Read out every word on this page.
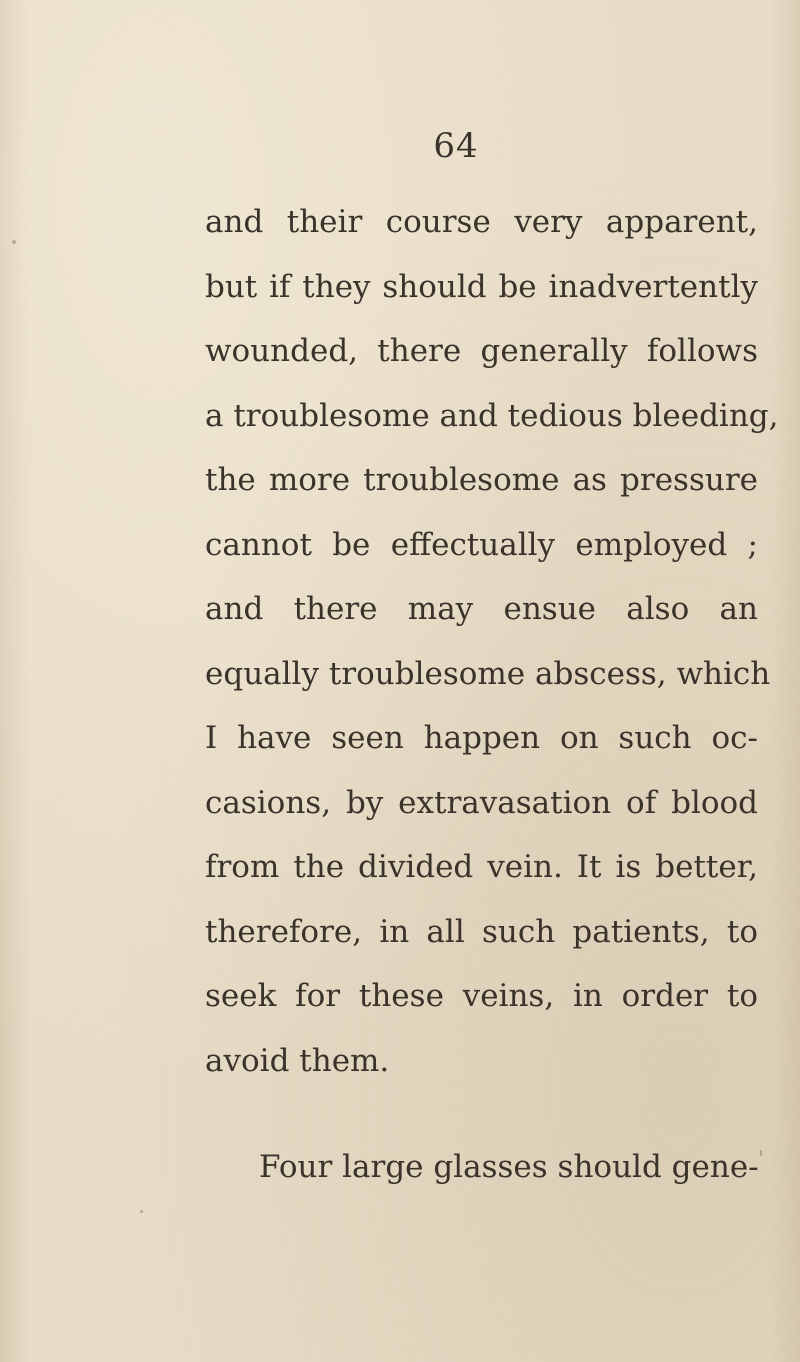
64
and their course very apparent,
but if they should be inadvertently
wounded, there generally follows
a troublesome and tedious bleeding,
the more troublesome as pressure
cannot be effectually employed ;
and there may ensue also an
equally troublesome abscess, which
I have seen happen on such oc-
casions, by extravasation of blood
from the divided vein. It is better,
therefore, in all such patients, to
seek for these veins, in order to
avoid them.
Four large glasses should gene-
